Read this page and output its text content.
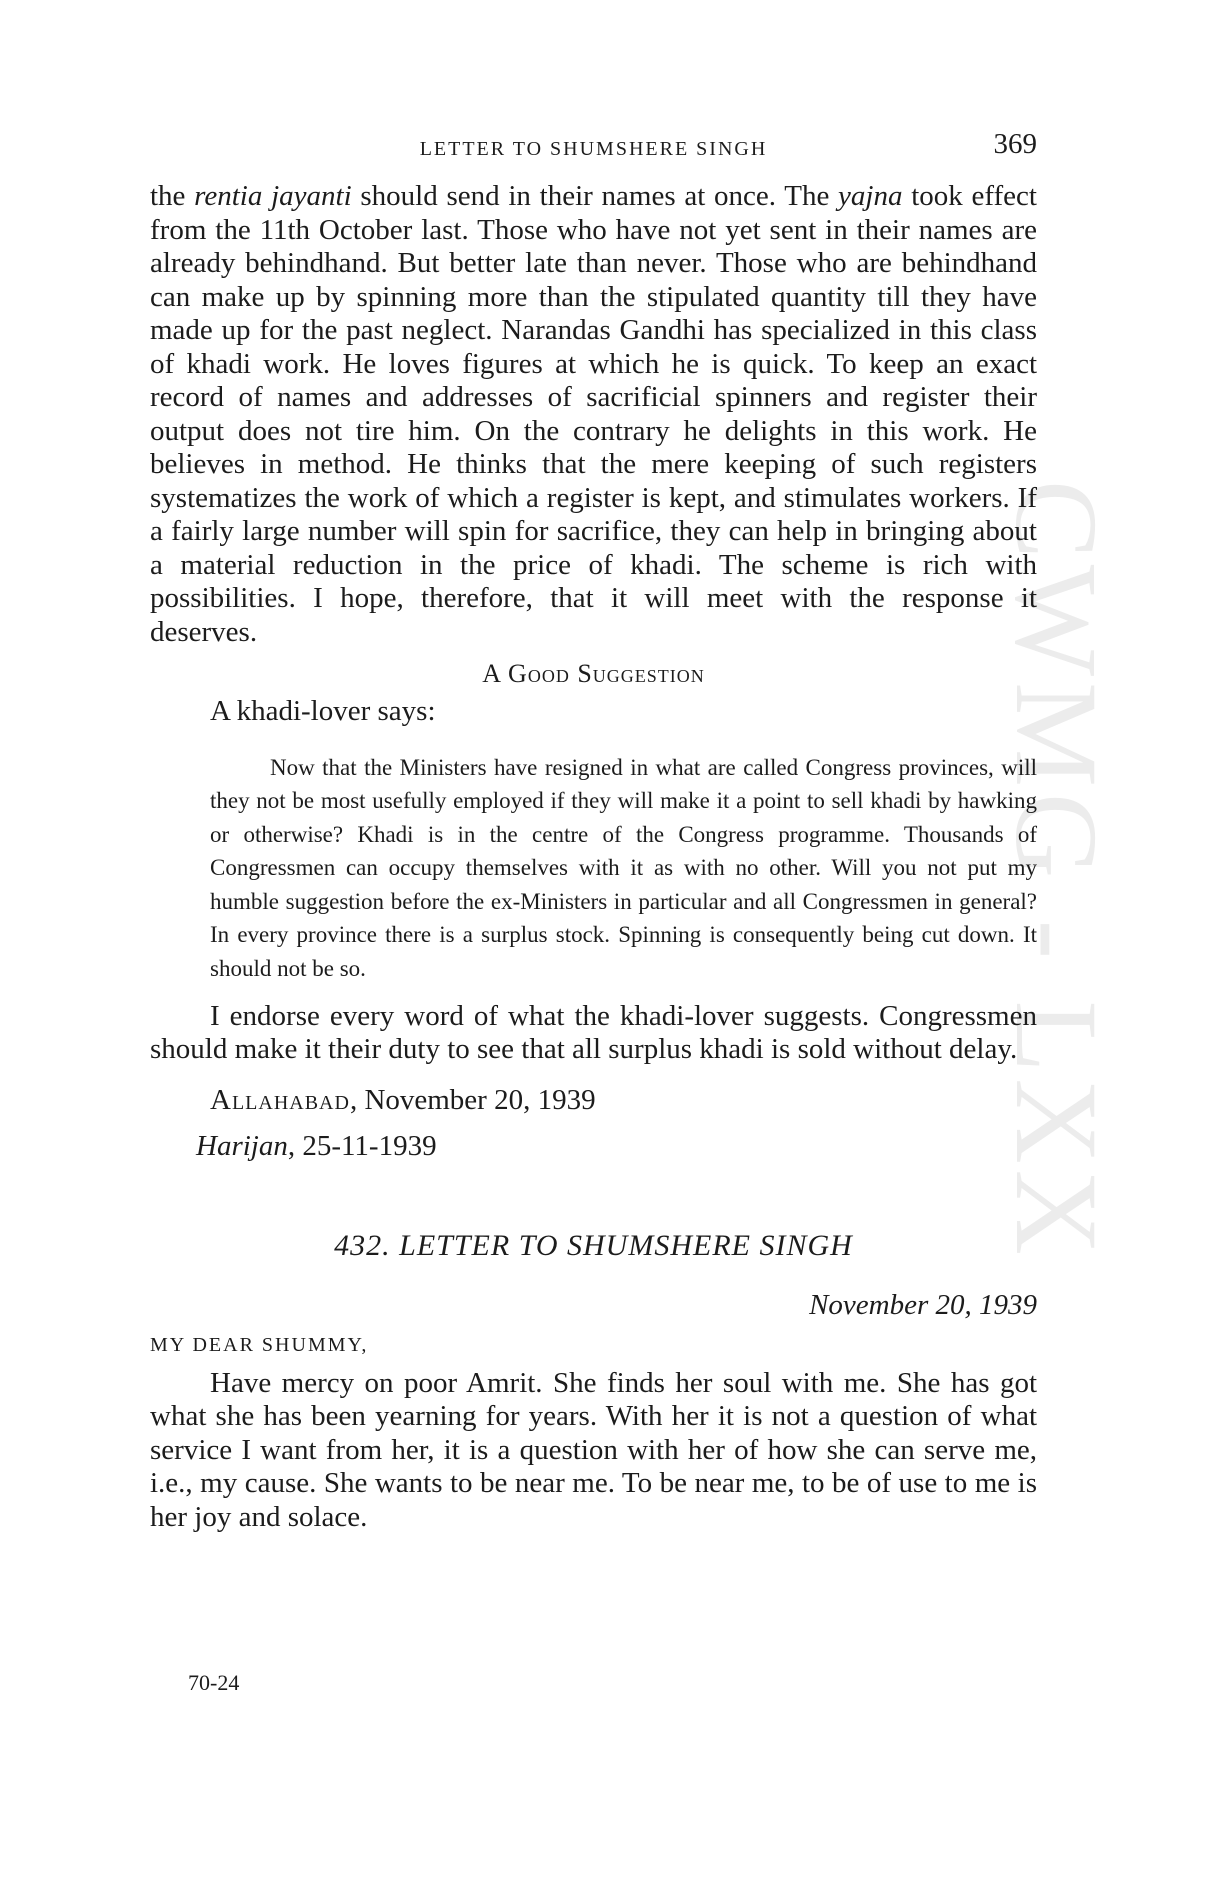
CWMG - LXX
LETTER TO SHUMSHERE SINGH	369

the rentia jayanti should send in their names at once. The yajna took effect from the 11th October last. Those who have not yet sent in their names are already behindhand. But better late than never. Those who are behindhand can make up by spinning more than the stipulated quantity till they have made up for the past neglect. Narandas Gandhi has specialized in this class of khadi work. He loves figures at which he is quick. To keep an exact record of names and addresses of sacrificial spinners and register their output does not tire him. On the contrary he delights in this work. He believes in method. He thinks that the mere keeping of such registers systematizes the work of which a register is kept, and stimulates workers. If a fairly large number will spin for sacrifice, they can help in bringing about a material reduction in the price of khadi. The scheme is rich with possibilities. I hope, therefore, that it will meet with the response it deserves.

A Good Suggestion

A khadi-lover says:

Now that the Ministers have resigned in what are called Congress provinces, will they not be most usefully employed if they will make it a point to sell khadi by hawking or otherwise? Khadi is in the centre of the Congress programme. Thousands of Congressmen can occupy themselves with it as with no other. Will you not put my humble suggestion before the ex-Ministers in particular and all Congressmen in general? In every province there is a surplus stock. Spinning is consequently being cut down. It should not be so.

I endorse every word of what the khadi-lover suggests. Congressmen should make it their duty to see that all surplus khadi is sold without delay.

Allahabad, November 20, 1939
Harijan, 25-11-1939
432. LETTER TO SHUMSHERE SINGH
November 20, 1939
MY DEAR SHUMMY,

Have mercy on poor Amrit. She finds her soul with me. She has got what she has been yearning for years. With her it is not a question of what service I want from her, it is a question with her of how she can serve me, i.e., my cause. She wants to be near me. To be near me, to be of use to me is her joy and solace.

70-24
